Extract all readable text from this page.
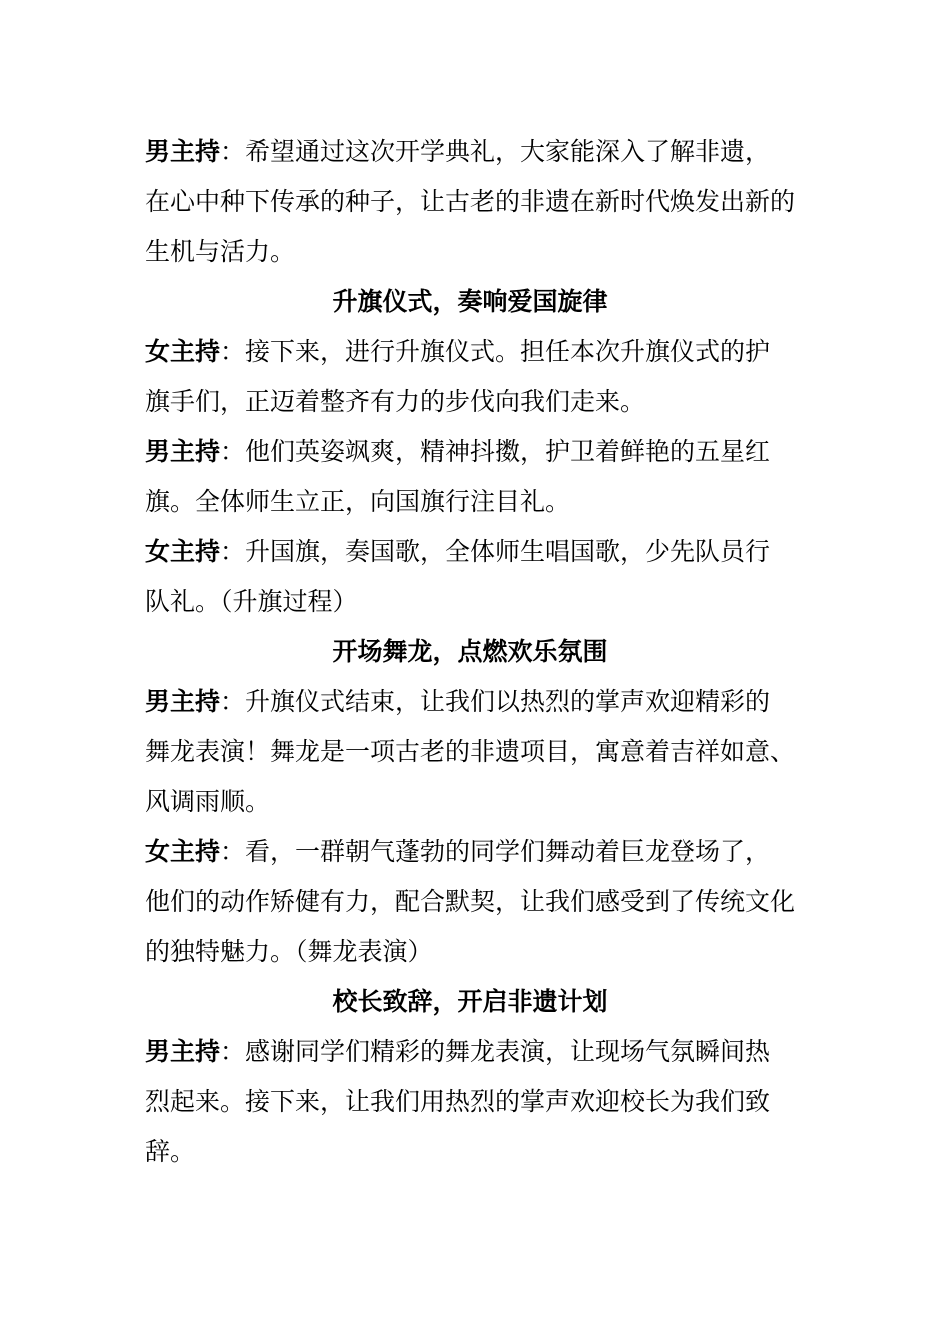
男主持：希望通过这次开学典礼，大家能深入了解非遗，在心中种下传承的种子，让古老的非遗在新时代焕发出新的生机与活力。

升旗仪式，奏响爱国旋律

女主持：接下来，进行升旗仪式。担任本次升旗仪式的护旗手们，正迈着整齐有力的步伐向我们走来。

男主持：他们英姿飒爽，精神抖擞，护卫着鲜艳的五星红旗。全体师生立正，向国旗行注目礼。

女主持：升国旗，奏国歌，全体师生唱国歌，少先队员行队礼。（升旗过程）

开场舞龙，点燃欢乐氛围

男主持：升旗仪式结束，让我们以热烈的掌声欢迎精彩的舞龙表演！舞龙是一项古老的非遗项目，寓意着吉祥如意、风调雨顺。

女主持：看，一群朝气蓬勃的同学们舞动着巨龙登场了，他们的动作矫健有力，配合默契，让我们感受到了传统文化的独特魅力。（舞龙表演）

校长致辞，开启非遗计划

男主持：感谢同学们精彩的舞龙表演，让现场气氛瞬间热烈起来。接下来，让我们用热烈的掌声欢迎校长为我们致辞。
